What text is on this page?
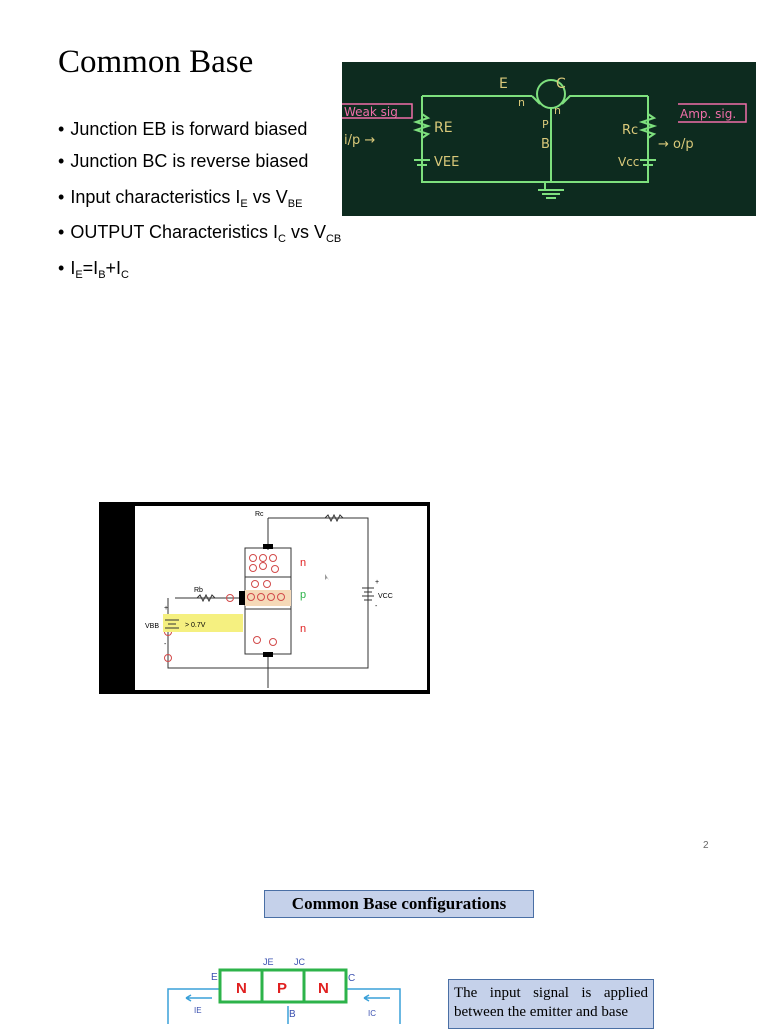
Common Base
• Junction EB is forward biased
• Junction BC is reverse biased
• Input characteristics $I_E$ vs $V_{BE}$
• OUTPUT Characteristics $I_C$ vs $V_{CB}$
• $I_E=I_B+I_C$
Weak sig	Amp. sig.
i/p →	→ o/p
RE
VEE
Rc
Vcc
E	C
B
n
n
P
Rc
Rb
VBB
VCC
> 0.7V
n
p
n
+
-
+
-
2
Common Base configurations
N P N
JE JC
E	C
B
IE	IC
The input signal is applied between the emitter and base
